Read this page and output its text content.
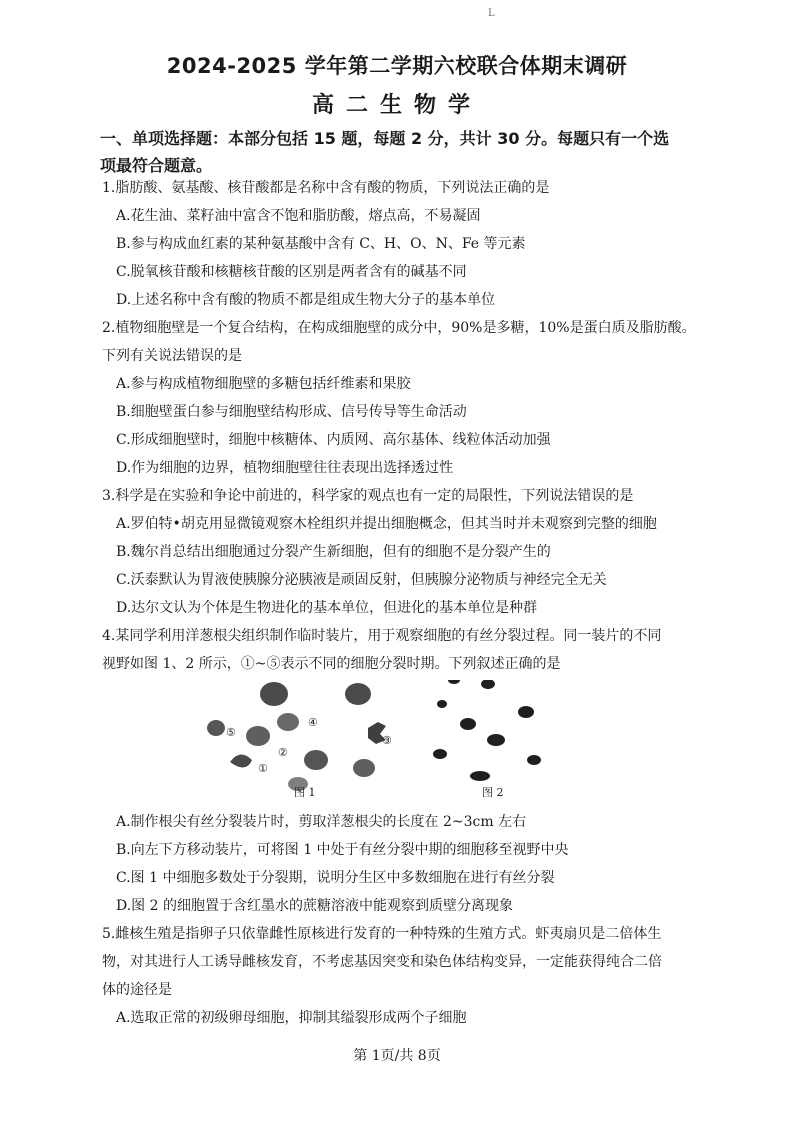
L
2024-2025 学年第二学期六校联合体期末调研
高二生物学
一、单项选择题：本部分包括 15 题，每题 2 分，共计 30 分。每题只有一个选
项最符合题意。
1.脂肪酸、氨基酸、核苷酸都是名称中含有酸的物质，下列说法正确的是
A.花生油、菜籽油中富含不饱和脂肪酸，熔点高，不易凝固
B.参与构成血红素的某种氨基酸中含有 C、H、O、N、Fe 等元素
C.脱氧核苷酸和核糖核苷酸的区别是两者含有的碱基不同
D.上述名称中含有酸的物质不都是组成生物大分子的基本单位
2.植物细胞壁是一个复合结构，在构成细胞壁的成分中，90%是多糖，10%是蛋白质及脂肪酸。
下列有关说法错误的是
A.参与构成植物细胞壁的多糖包括纤维素和果胶
B.细胞壁蛋白参与细胞壁结构形成、信号传导等生命活动
C.形成细胞壁时，细胞中核糖体、内质网、高尔基体、线粒体活动加强
D.作为细胞的边界，植物细胞壁往往表现出选择透过性
3.科学是在实验和争论中前进的，科学家的观点也有一定的局限性，下列说法错误的是
A.罗伯特•胡克用显微镜观察木栓组织并提出细胞概念，但其当时并未观察到完整的细胞
B.魏尔肖总结出细胞通过分裂产生新细胞，但有的细胞不是分裂产生的
C.沃泰默认为胃液使胰腺分泌胰液是顽固反射，但胰腺分泌物质与神经完全无关
D.达尔文认为个体是生物进化的基本单位，但进化的基本单位是种群
4.某同学利用洋葱根尖组织制作临时装片，用于观察细胞的有丝分裂过程。同一装片的不同
视野如图 1、2 所示，①~⑤表示不同的细胞分裂时期。下列叙述正确的是
⑤
④
③
②
①
图 1	图 2
A.制作根尖有丝分裂装片时，剪取洋葱根尖的长度在 2~3cm 左右
B.向左下方移动装片，可将图 1 中处于有丝分裂中期的细胞移至视野中央
C.图 1 中细胞多数处于分裂期，说明分生区中多数细胞在进行有丝分裂
D.图 2 的细胞置于含红墨水的蔗糖溶液中能观察到质壁分离现象
5.雌核生殖是指卵子只依靠雌性原核进行发育的一种特殊的生殖方式。虾夷扇贝是二倍体生
物，对其进行人工诱导雌核发育，不考虑基因突变和染色体结构变异，一定能获得纯合二倍
体的途径是
A.选取正常的初级卵母细胞，抑制其缢裂形成两个子细胞
第 1页/共 8页
